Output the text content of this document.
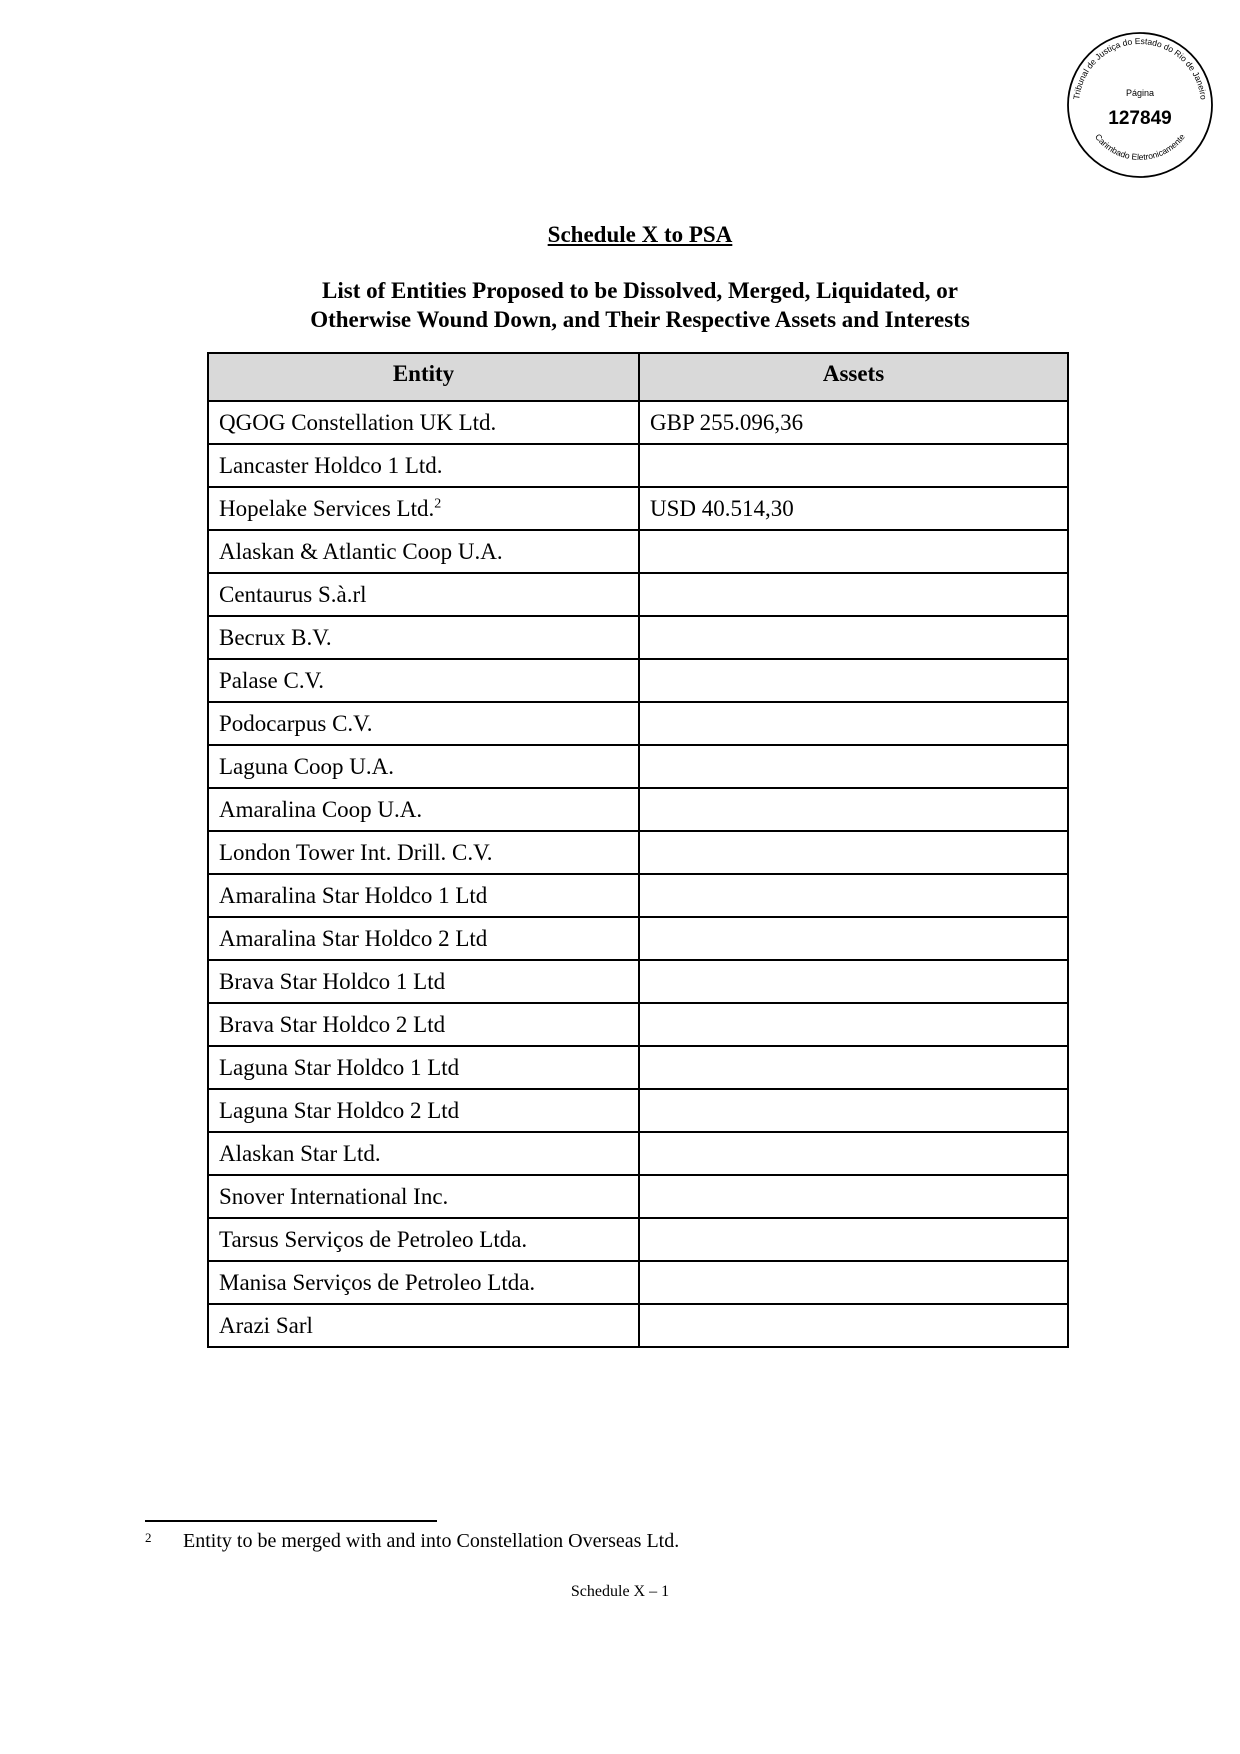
Tribunal de Justiça do Estado do Rio de Janeiro
Carimbado Eletronicamente
Página
127849
Schedule X to PSA
List of Entities Proposed to be Dissolved, Merged, Liquidated, or
Otherwise Wound Down, and Their Respective Assets and Interests
Entity	Assets
QGOG Constellation UK Ltd.	GBP 255.096,36
Lancaster Holdco 1 Ltd.	
Hopelake Services Ltd.$^2$	USD 40.514,30
Alaskan & Atlantic Coop U.A.	
Centaurus S.à.rl	
Becrux B.V.	
Palase C.V.	
Podocarpus C.V.	
Laguna Coop U.A.	
Amaralina Coop U.A.	
London Tower Int. Drill. C.V.	
Amaralina Star Holdco 1 Ltd	
Amaralina Star Holdco 2 Ltd	
Brava Star Holdco 1 Ltd	
Brava Star Holdco 2 Ltd	
Laguna Star Holdco 1 Ltd	
Laguna Star Holdco 2 Ltd	
Alaskan Star Ltd.	
Snover International Inc.	
Tarsus Serviços de Petroleo Ltda.	
Manisa Serviços de Petroleo Ltda.	
Arazi Sarl	
2 Entity to be merged with and into Constellation Overseas Ltd.
Schedule X – 1
